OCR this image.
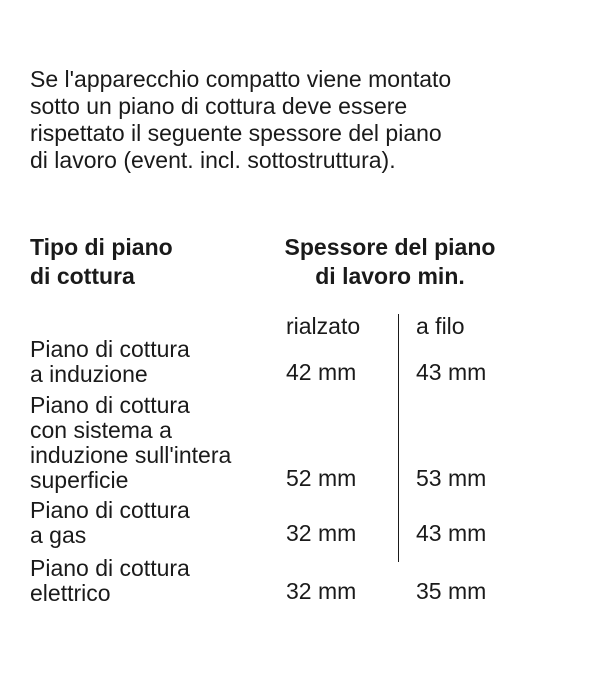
Se l'apparecchio compatto viene montato
sotto un piano di cottura deve essere
rispettato il seguente spessore del piano
di lavoro (event. incl. sottostruttura).
Tipo di piano
di cottura
Spessore del piano
di lavoro min.
rialzato a filo
Piano di cottura
a induzione	42 mm	43 mm
Piano di cottura
con sistema a
induzione sull'intera
superficie	52 mm	53 mm
Piano di cottura
a gas	32 mm	43 mm
Piano di cottura
elettrico	32 mm	35 mm
